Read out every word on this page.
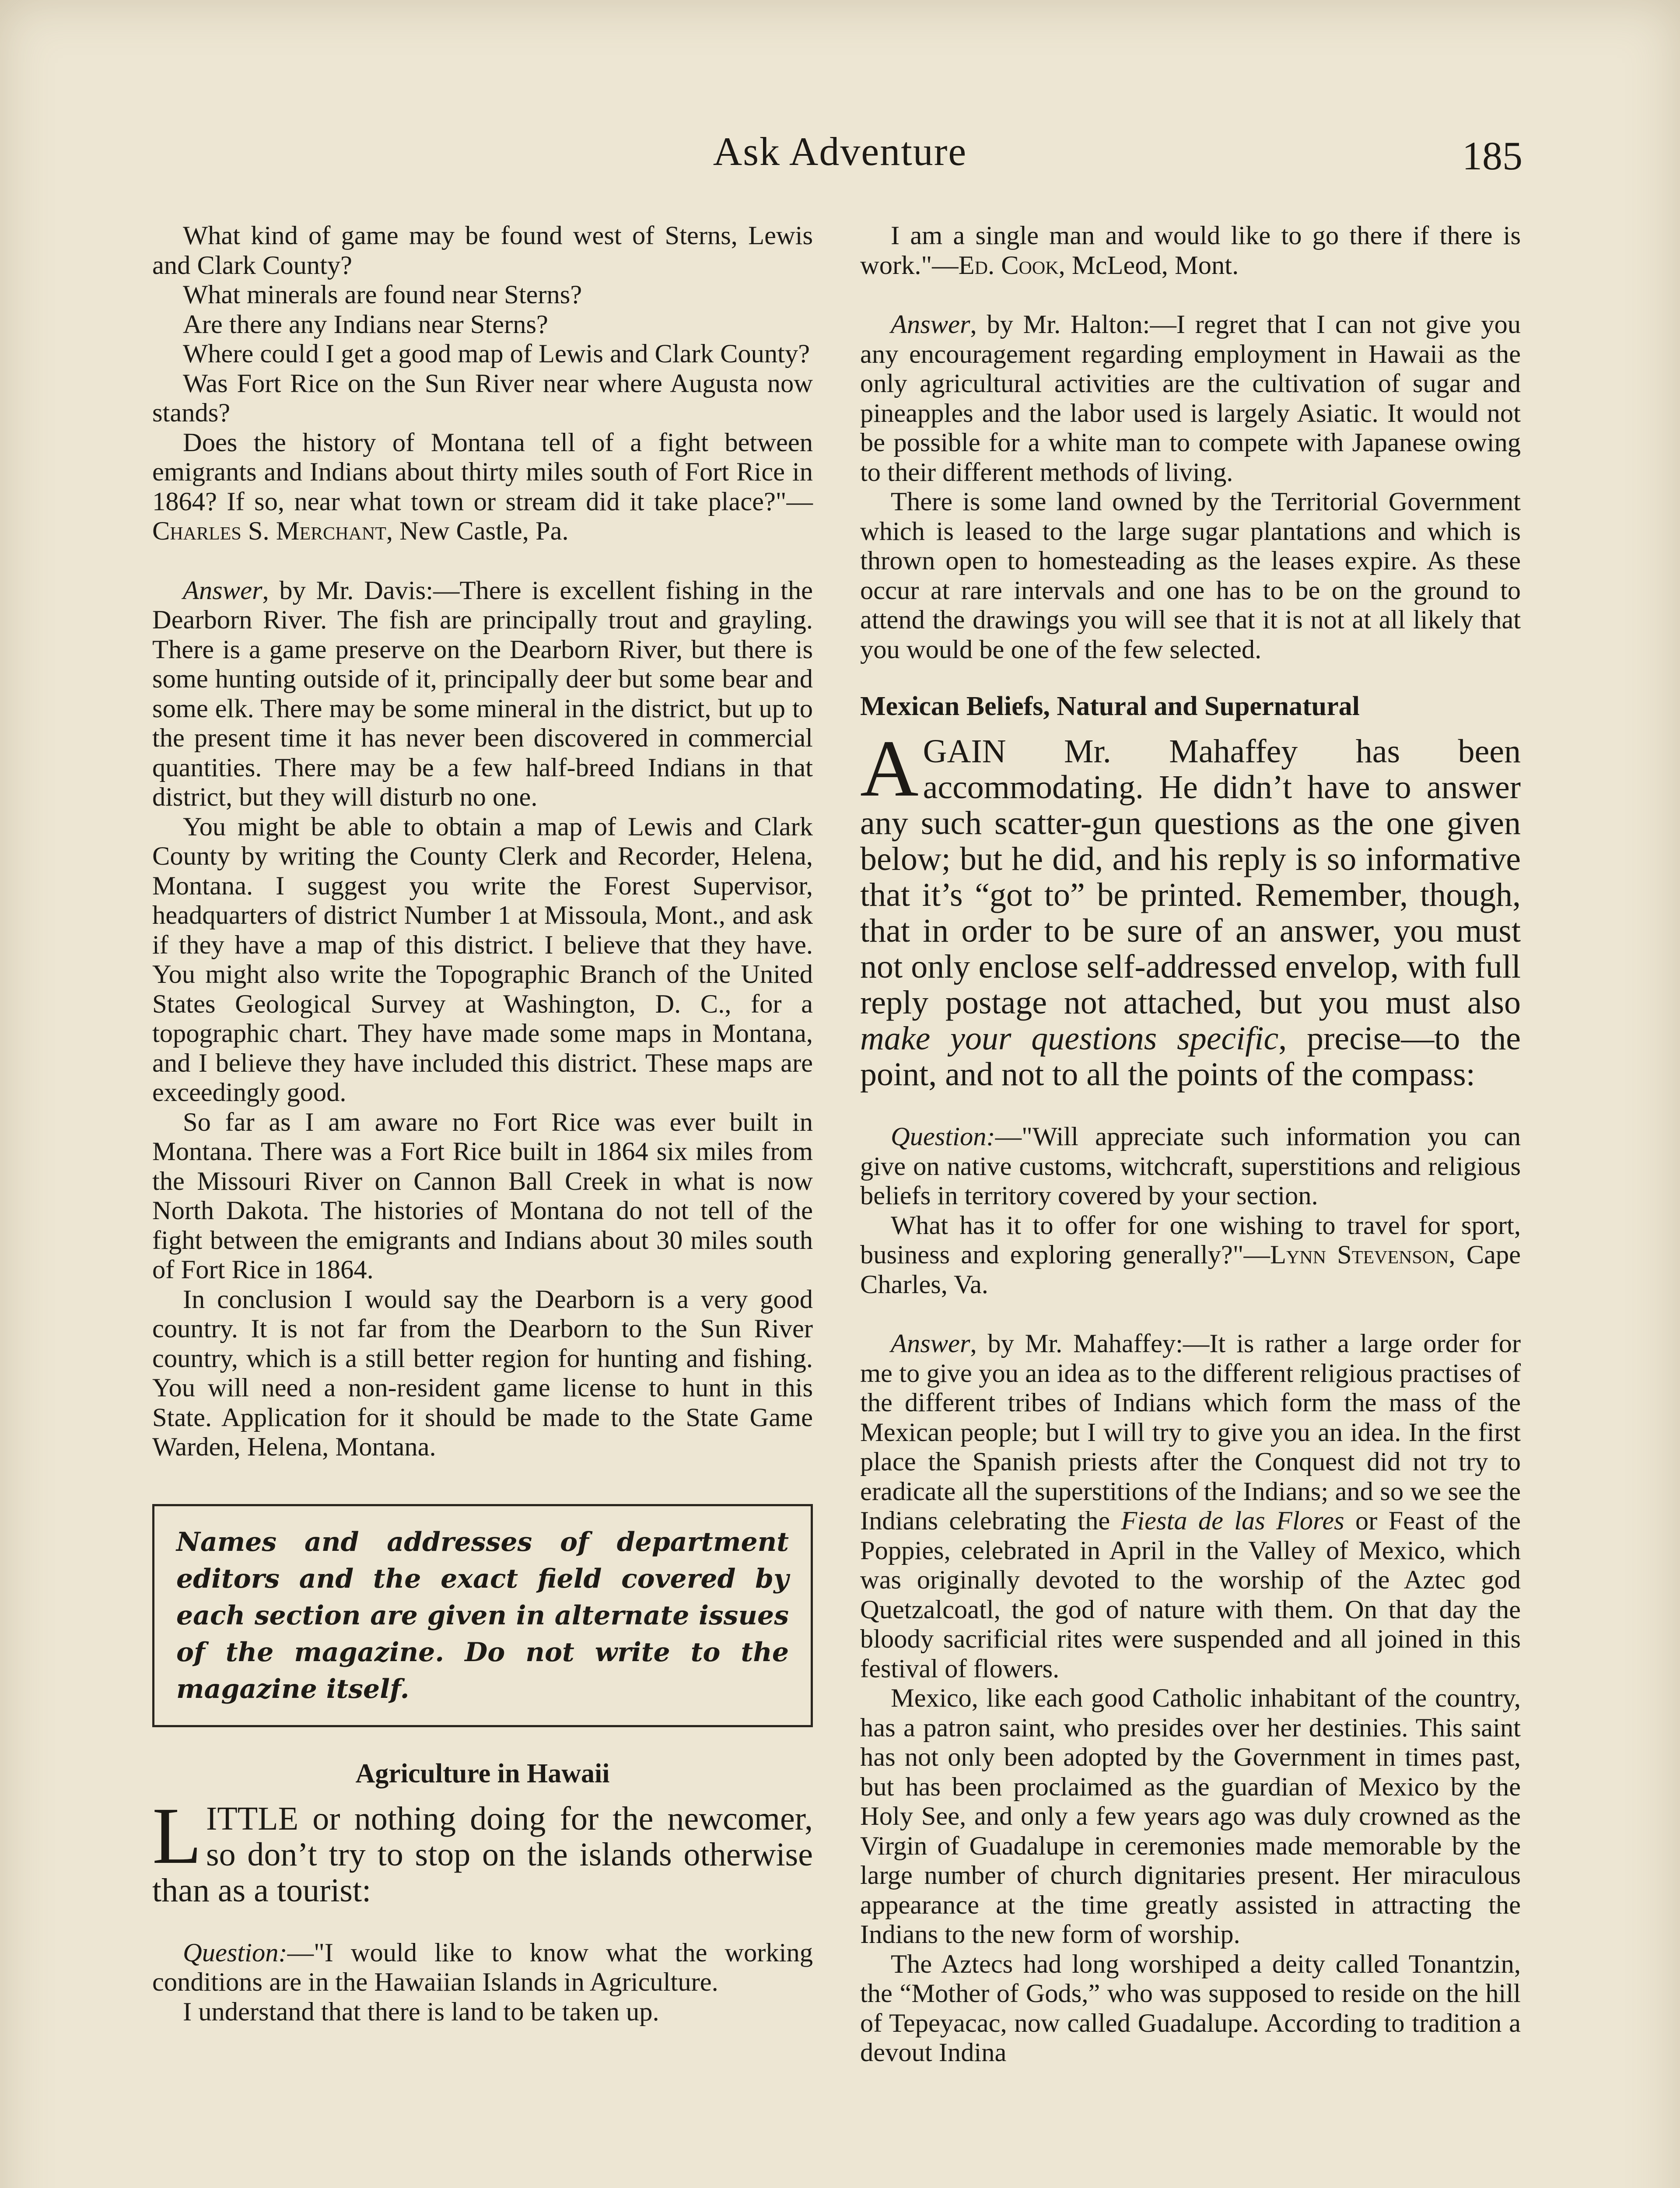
Ask Adventure	185

What kind of game may be found west of Sterns, Lewis and Clark County?

What minerals are found near Sterns?

Are there any Indians near Sterns?

Where could I get a good map of Lewis and Clark County?

Was Fort Rice on the Sun River near where Augusta now stands?

Does the history of Montana tell of a fight between emigrants and Indians about thirty miles south of Fort Rice in 1864? If so, near what town or stream did it take place?"—Charles S. Merchant, New Castle, Pa.

Answer, by Mr. Davis:—There is excellent fishing in the Dearborn River. The fish are principally trout and grayling. There is a game preserve on the Dearborn River, but there is some hunting outside of it, principally deer but some bear and some elk. There may be some mineral in the district, but up to the present time it has never been discovered in commercial quantities. There may be a few half-breed Indians in that district, but they will disturb no one.

You might be able to obtain a map of Lewis and Clark County by writing the County Clerk and Recorder, Helena, Montana. I suggest you write the Forest Supervisor, headquarters of district Number 1 at Missoula, Mont., and ask if they have a map of this district. I believe that they have. You might also write the Topographic Branch of the United States Geological Survey at Washington, D. C., for a topographic chart. They have made some maps in Montana, and I believe they have included this district. These maps are exceedingly good.

So far as I am aware no Fort Rice was ever built in Montana. There was a Fort Rice built in 1864 six miles from the Missouri River on Cannon Ball Creek in what is now North Dakota. The histories of Montana do not tell of the fight between the emigrants and Indians about 30 miles south of Fort Rice in 1864.

In conclusion I would say the Dearborn is a very good country. It is not far from the Dearborn to the Sun River country, which is a still better region for hunting and fishing. You will need a non-resident game license to hunt in this State. Application for it should be made to the State Game Warden, Helena, Montana.

Names and addresses of department editors and the exact field covered by each section are given in alternate issues of the magazine. Do not write to the magazine itself.
Agriculture in Hawaii

LITTLE or nothing doing for the newcomer, so don’t try to stop on the islands otherwise than as a tourist:

Question:—"I would like to know what the working conditions are in the Hawaiian Islands in Agriculture.

I understand that there is land to be taken up.

I am a single man and would like to go there if there is work."—Ed. Cook, McLeod, Mont.

Answer, by Mr. Halton:—I regret that I can not give you any encouragement regarding employment in Hawaii as the only agricultural activities are the cultivation of sugar and pineapples and the labor used is largely Asiatic. It would not be possible for a white man to compete with Japanese owing to their different methods of living.

There is some land owned by the Territorial Government which is leased to the large sugar plantations and which is thrown open to homesteading as the leases expire. As these occur at rare intervals and one has to be on the ground to attend the drawings you will see that it is not at all likely that you would be one of the few selected.

Mexican Beliefs, Natural and Supernatural

AGAIN Mr. Mahaffey has been accommodating. He didn’t have to answer any such scatter-gun questions as the one given below; but he did, and his reply is so informative that it’s “got to” be printed. Remember, though, that in order to be sure of an answer, you must not only enclose self-addressed envelop, with full reply postage not attached, but you must also make your questions specific, precise—to the point, and not to all the points of the compass:

Question:—"Will appreciate such information you can give on native customs, witchcraft, superstitions and religious beliefs in territory covered by your section.

What has it to offer for one wishing to travel for sport, business and exploring generally?"—Lynn Stevenson, Cape Charles, Va.

Answer, by Mr. Mahaffey:—It is rather a large order for me to give you an idea as to the different religious practises of the different tribes of Indians which form the mass of the Mexican people; but I will try to give you an idea. In the first place the Spanish priests after the Conquest did not try to eradicate all the superstitions of the Indians; and so we see the Indians celebrating the Fiesta de las Flores or Feast of the Poppies, celebrated in April in the Valley of Mexico, which was originally devoted to the worship of the Aztec god Quetzalcoatl, the god of nature with them. On that day the bloody sacrificial rites were suspended and all joined in this festival of flowers.

Mexico, like each good Catholic inhabitant of the country, has a patron saint, who presides over her destinies. This saint has not only been adopted by the Government in times past, but has been proclaimed as the guardian of Mexico by the Holy See, and only a few years ago was duly crowned as the Virgin of Guadalupe in ceremonies made memorable by the large number of church dignitaries present. Her miraculous appearance at the time greatly assisted in attracting the Indians to the new form of worship.

The Aztecs had long worshiped a deity called Tonantzin, the “Mother of Gods,” who was supposed to reside on the hill of Tepeyacac, now called Guadalupe. According to tradition a devout Indina
